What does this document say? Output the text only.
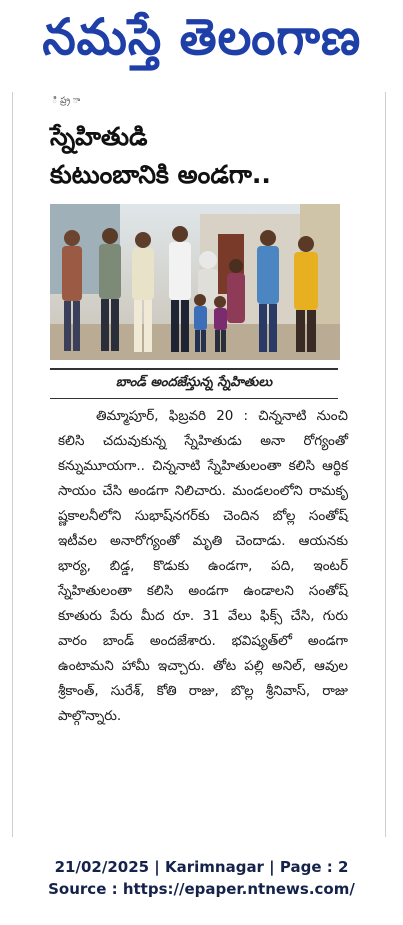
నమస్తే తెలంగాణ
ి ప్ర్ర ా
స్నేహితుడి
కుటుంబానికి అండగా..
బాండ్ అందజేస్తున్న స్నేహితులు

తిమ్మాపూర్, ఫిబ్రవరి 20 : చిన్ననాటి నుంచి కలిసి చదువుకున్న స్నేహితుడు అనా రోగ్యంతో కన్నుమూయగా.. చిన్ననాటి స్నేహితులంతా కలిసి ఆర్థిక సాయం చేసి అండగా నిలిచారు. మండలంలోని రామకృ ష్ణకాలనీలోని సుభాష్‌నగర్‌కు చెందిన బోల్ల సంతోష్ ఇటీవల అనారోగ్యంతో మృతి చెందాడు. ఆయనకు భార్య, బిడ్డ, కొడుకు ఉండగా, పది, ఇంటర్ స్నేహితులంతా కలిసి అండగా ఉండాలని సంతోష్ కూతురు పేరు మీద రూ. 31 వేలు ఫిక్స్ చేసి, గురు వారం బాండ్ అందజేశారు. భవిష్యత్‌లో అండగా ఉంటామని హామీ ఇచ్చారు. తోట పల్లి అనిల్, ఆవుల శ్రీకాంత్, సురేశ్, కోతి రాజు, బొల్ల శ్రీనివాస్, రాజు పాల్గొన్నారు.

21/02/2025 | Karimnagar | Page : 2
Source : https://epaper.ntnews.com/
